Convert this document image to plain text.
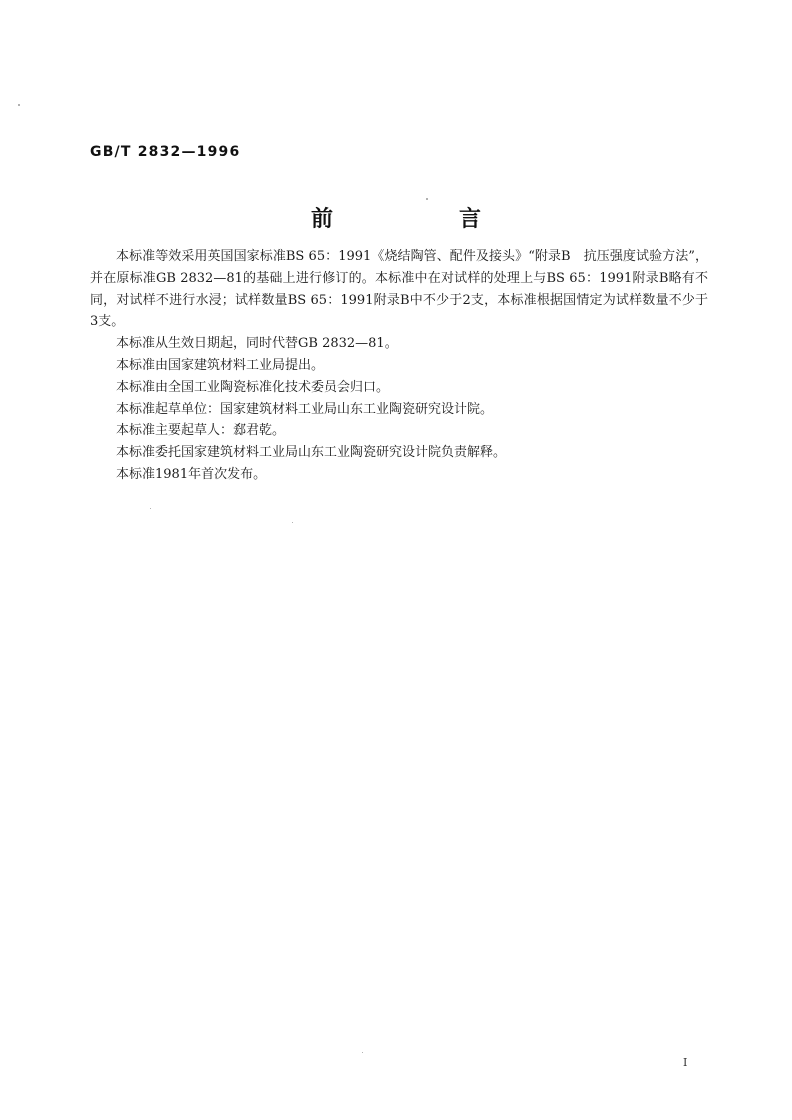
GB/T 2832—1996
前　言

本标准等效采用英国国家标准BS 65：1991《烧结陶管、配件及接头》“附录B　抗压强度试验方法”，并在原标准GB 2832—81的基础上进行修订的。本标准中在对试样的处理上与BS 65：1991附录B略有不同，对试样不进行水浸；试样数量BS 65：1991附录B中不少于2支，本标准根据国情定为试样数量不少于3支。

本标准从生效日期起，同时代替GB 2832—81。

本标准由国家建筑材料工业局提出。

本标准由全国工业陶瓷标准化技术委员会归口。

本标准起草单位：国家建筑材料工业局山东工业陶瓷研究设计院。

本标准主要起草人：郄君乾。

本标准委托国家建筑材料工业局山东工业陶瓷研究设计院负责解释。

本标准1981年首次发布。

I
